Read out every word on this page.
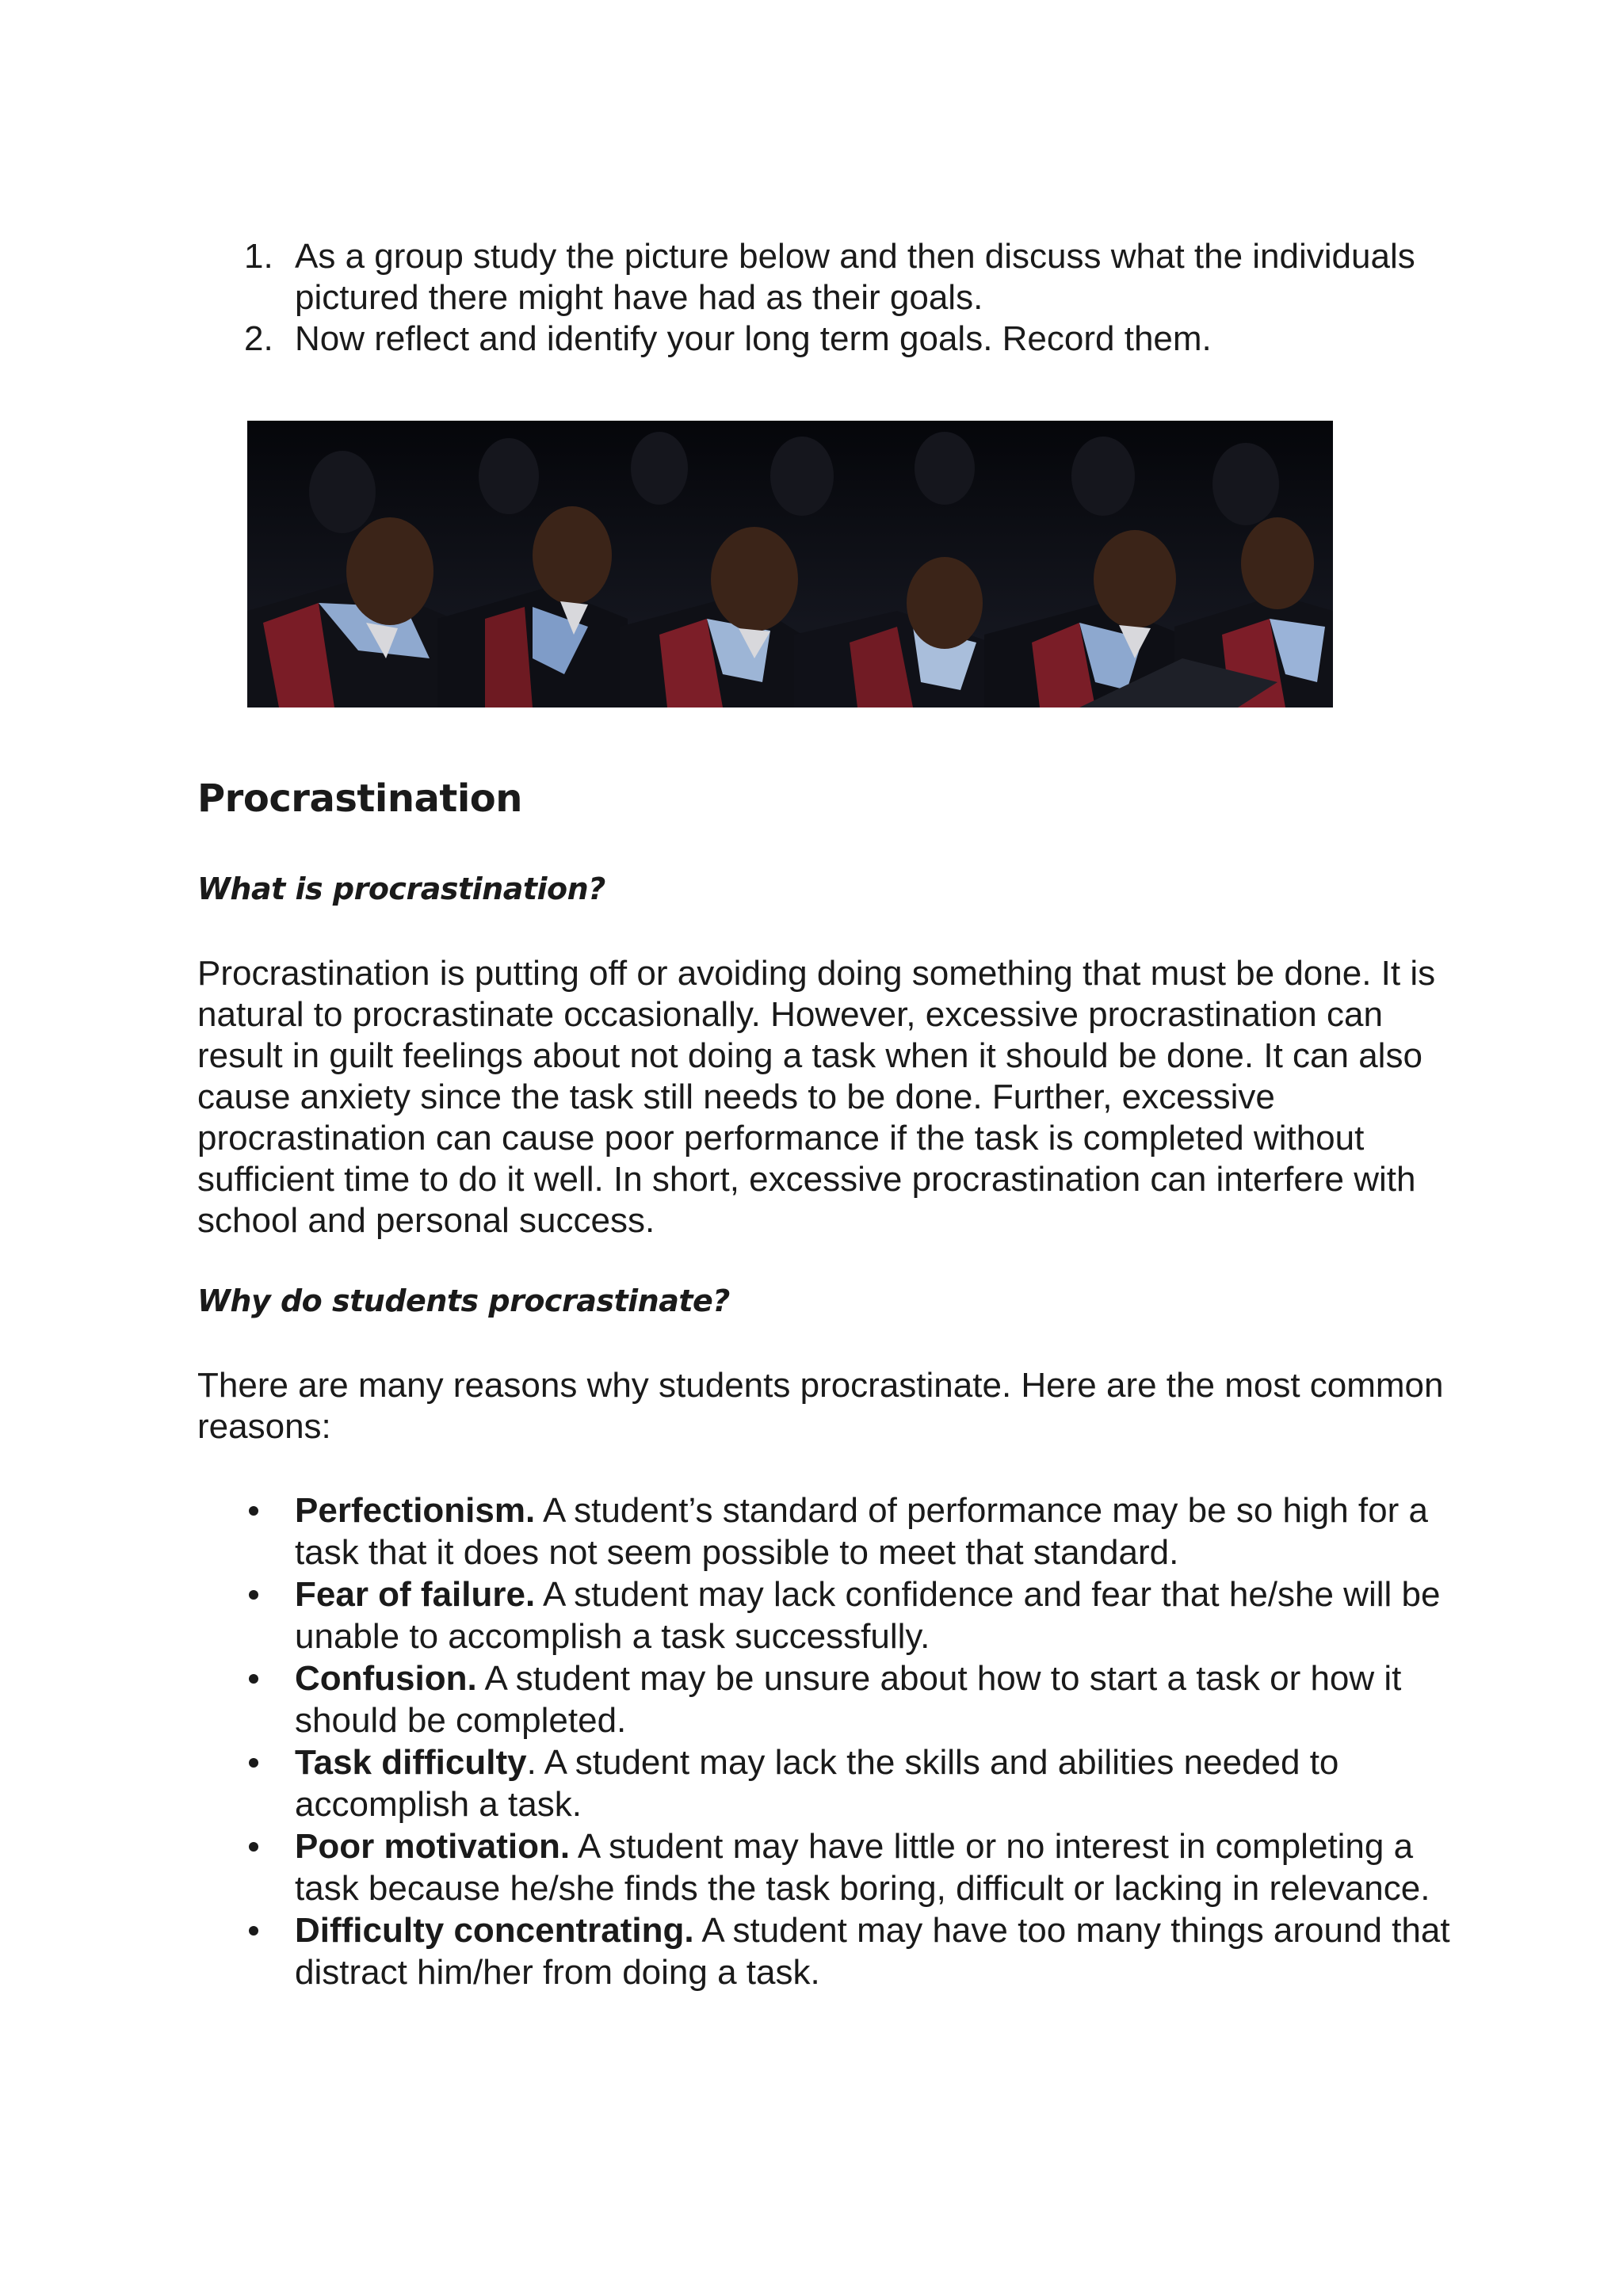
1. As a group study the picture below and then discuss what the individuals pictured there might have had as their goals.
2. Now reflect and identify your long term goals. Record them.
Procrastination
What is procrastination?

Procrastination is putting off or avoiding doing something that must be done. It is natural to procrastinate occasionally. However, excessive procrastination can result in guilt feelings about not doing a task when it should be done. It can also cause anxiety since the task still needs to be done. Further, excessive procrastination can cause poor performance if the task is completed without sufficient time to do it well. In short, excessive procrastination can interfere with school and personal success.

Why do students procrastinate?

There are many reasons why students procrastinate. Here are the most common reasons:

Perfectionism. A student’s standard of performance may be so high for a task that it does not seem possible to meet that standard.
Fear of failure. A student may lack confidence and fear that he/she will be unable to accomplish a task successfully.
Confusion. A student may be unsure about how to start a task or how it should be completed.
Task difficulty. A student may lack the skills and abilities needed to accomplish a task.
Poor motivation. A student may have little or no interest in completing a task because he/she finds the task boring, difficult or lacking in relevance.
Difficulty concentrating. A student may have too many things around that distract him/her from doing a task.
